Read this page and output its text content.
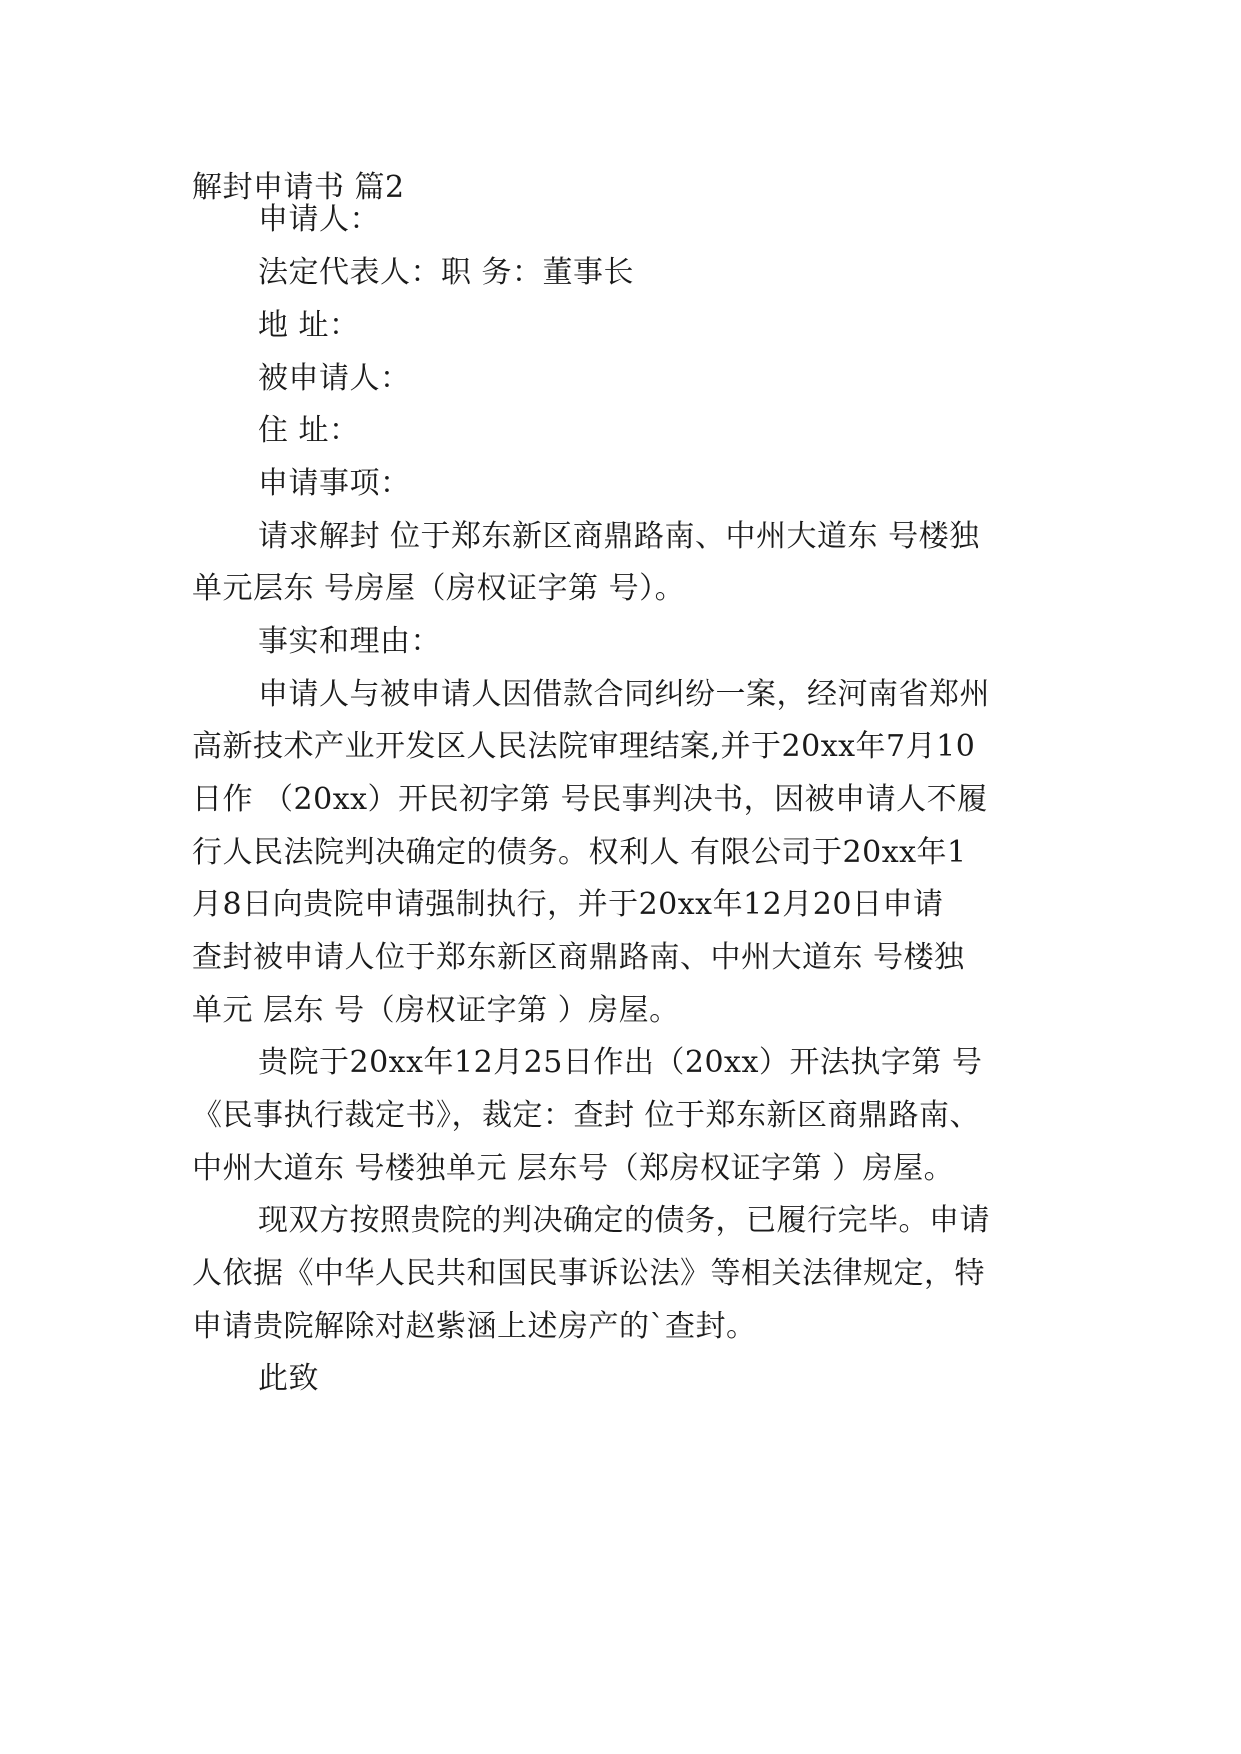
解封申请书 篇2
申请人：
法定代表人：职 务：董事长
地 址：
被申请人：
住 址：
申请事项：
请求解封 位于郑东新区商鼎路南、中州大道东 号楼独
单元层东 号房屋（房权证字第 号）。
事实和理由：
申请人与被申请人因借款合同纠纷一案，经河南省郑州
高新技术产业开发区人民法院审理结案,并于20xx年7月10
日作 （20xx）开民初字第 号民事判决书，因被申请人不履
行人民法院判决确定的债务。权利人 有限公司于20xx年1
月8日向贵院申请强制执行，并于20xx年12月20日申请
查封被申请人位于郑东新区商鼎路南、中州大道东 号楼独
单元 层东 号（房权证字第 ）房屋。
贵院于20xx年12月25日作出（20xx）开法执字第 号
《民事执行裁定书》，裁定：查封 位于郑东新区商鼎路南、
中州大道东 号楼独单元 层东号（郑房权证字第 ）房屋。
现双方按照贵院的判决确定的债务，已履行完毕。申请
人依据《中华人民共和国民事诉讼法》等相关法律规定，特
申请贵院解除对赵紫涵上述房产的`查封。
此致
